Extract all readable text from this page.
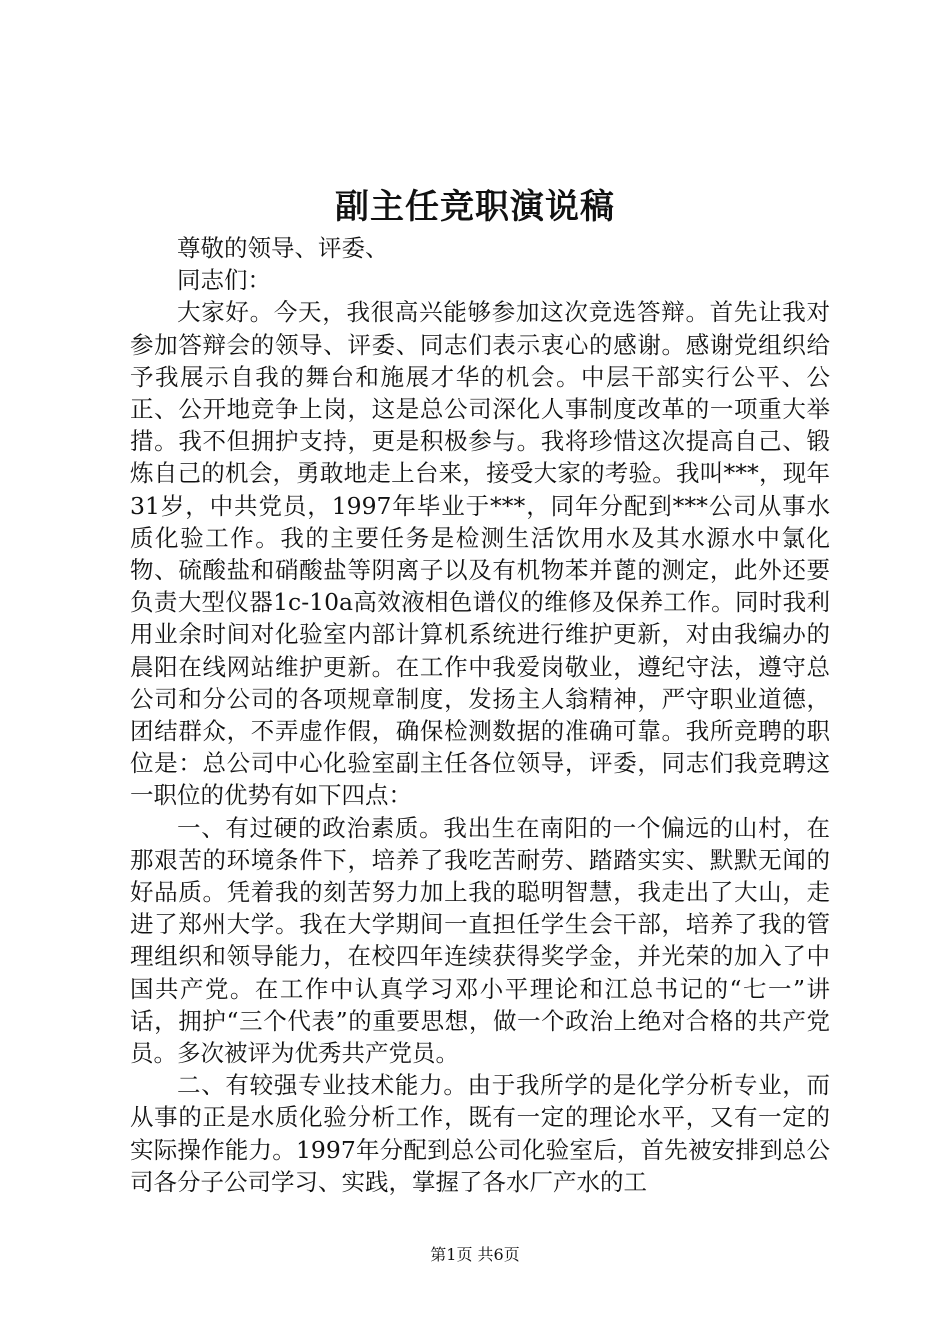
副主任竞职演说稿

尊敬的领导、评委、

同志们：

大家好。今天，我很高兴能够参加这次竞选答辩。首先让我对参加答辩会的领导、评委、同志们表示衷心的感谢。感谢党组织给予我展示自我的舞台和施展才华的机会。中层干部实行公平、公正、公开地竞争上岗，这是总公司深化人事制度改革的一项重大举措。我不但拥护支持，更是积极参与。我将珍惜这次提高自己、锻炼自己的机会，勇敢地走上台来，接受大家的考验。我叫***，现年31岁，中共党员，1997年毕业于***，同年分配到***公司从事水质化验工作。我的主要任务是检测生活饮用水及其水源水中氯化物、硫酸盐和硝酸盐等阴离子以及有机物苯并蓖的测定，此外还要负责大型仪器1c-10a高效液相色谱仪的维修及保养工作。同时我利用业余时间对化验室内部计算机系统进行维护更新，对由我编办的晨阳在线网站维护更新。在工作中我爱岗敬业，遵纪守法，遵守总公司和分公司的各项规章制度，发扬主人翁精神，严守职业道德，团结群众，不弄虚作假，确保检测数据的准确可靠。我所竞聘的职位是：总公司中心化验室副主任各位领导，评委，同志们我竞聘这一职位的优势有如下四点：

一、有过硬的政治素质。我出生在南阳的一个偏远的山村，在那艰苦的环境条件下，培养了我吃苦耐劳、踏踏实实、默默无闻的好品质。凭着我的刻苦努力加上我的聪明智慧，我走出了大山，走进了郑州大学。我在大学期间一直担任学生会干部，培养了我的管理组织和领导能力，在校四年连续获得奖学金，并光荣的加入了中国共产党。在工作中认真学习邓小平理论和江总书记的“七一”讲话，拥护“三个代表”的重要思想，做一个政治上绝对合格的共产党员。多次被评为优秀共产党员。

二、有较强专业技术能力。由于我所学的是化学分析专业，而从事的正是水质化验分析工作，既有一定的理论水平，又有一定的实际操作能力。1997年分配到总公司化验室后，首先被安排到总公司各分子公司学习、实践，掌握了各水厂产水的工

第1页 共6页
